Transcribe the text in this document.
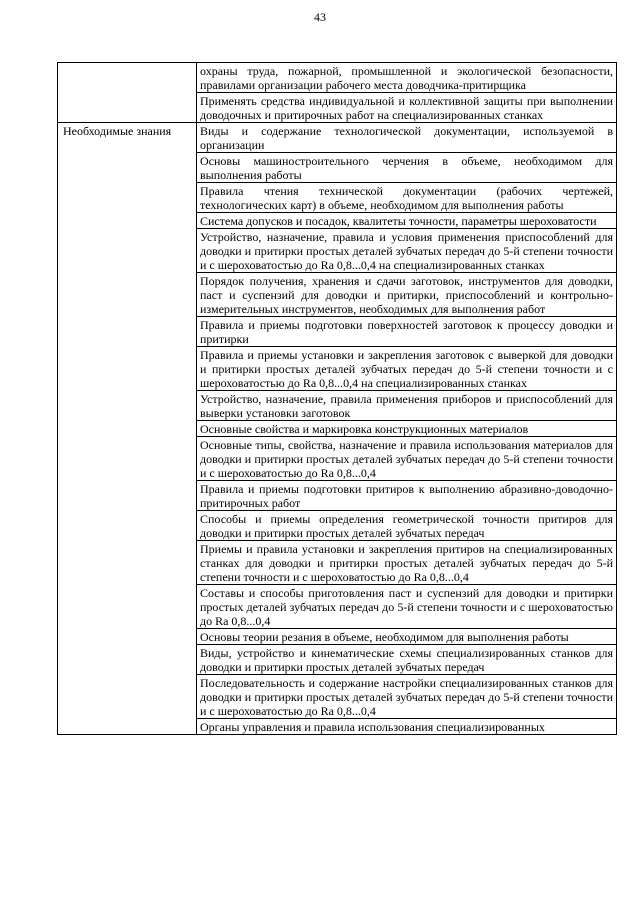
43

	охраны труда, пожарной, промышленной и экологической безопасности, правилами организации рабочего места доводчика-притирщика

	Применять средства индивидуальной и коллективной защиты при выполнении доводочных и притирочных работ на специализированных станках

Необходимые знания	Виды и содержание технологической документации, используемой в организации

	Основы машиностроительного черчения в объеме, необходимом для выполнения работы

	Правила чтения технической документации (рабочих чертежей, технологических карт) в объеме, необходимом для выполнения работы

	Система допусков и посадок, квалитеты точности, параметры шероховатости

	Устройство, назначение, правила и условия применения приспособлений для доводки и притирки простых деталей зубчатых передач до 5-й степени точности и с шероховатостью до Ra 0,8...0,4 на специализированных станках

	Порядок получения, хранения и сдачи заготовок, инструментов для доводки, паст и суспензий для доводки и притирки, приспособлений и контрольно-измерительных инструментов, необходимых для выполнения работ

	Правила и приемы подготовки поверхностей заготовок к процессу доводки и притирки

	Правила и приемы установки и закрепления заготовок с выверкой для доводки и притирки простых деталей зубчатых передач до 5-й степени точности и с шероховатостью до Ra 0,8...0,4 на специализированных станках

	Устройство, назначение, правила применения приборов и приспособлений для выверки установки заготовок

	Основные свойства и маркировка конструкционных материалов

	Основные типы, свойства, назначение и правила использования материалов для доводки и притирки простых деталей зубчатых передач до 5-й степени точности и с шероховатостью до Ra 0,8...0,4

	Правила и приемы подготовки притиров к выполнению абразивно-доводочно-притирочных работ

	Способы и приемы определения геометрической точности притиров для доводки и притирки простых деталей зубчатых передач

	Приемы и правила установки и закрепления притиров на специализированных станках для доводки и притирки простых деталей зубчатых передач до 5-й степени точности и с шероховатостью до Ra 0,8...0,4

	Составы и способы приготовления паст и суспензий для доводки и притирки простых деталей зубчатых передач до 5-й степени точности и с шероховатостью до Ra 0,8...0,4

	Основы теории резания в объеме, необходимом для выполнения работы

	Виды, устройство и кинематические схемы специализированных станков для доводки и притирки простых деталей зубчатых передач

	Последовательность и содержание настройки специализированных станков для доводки и притирки простых деталей зубчатых передач до 5-й степени точности и с шероховатостью до Ra 0,8...0,4

	Органы управления и правила использования специализированных
